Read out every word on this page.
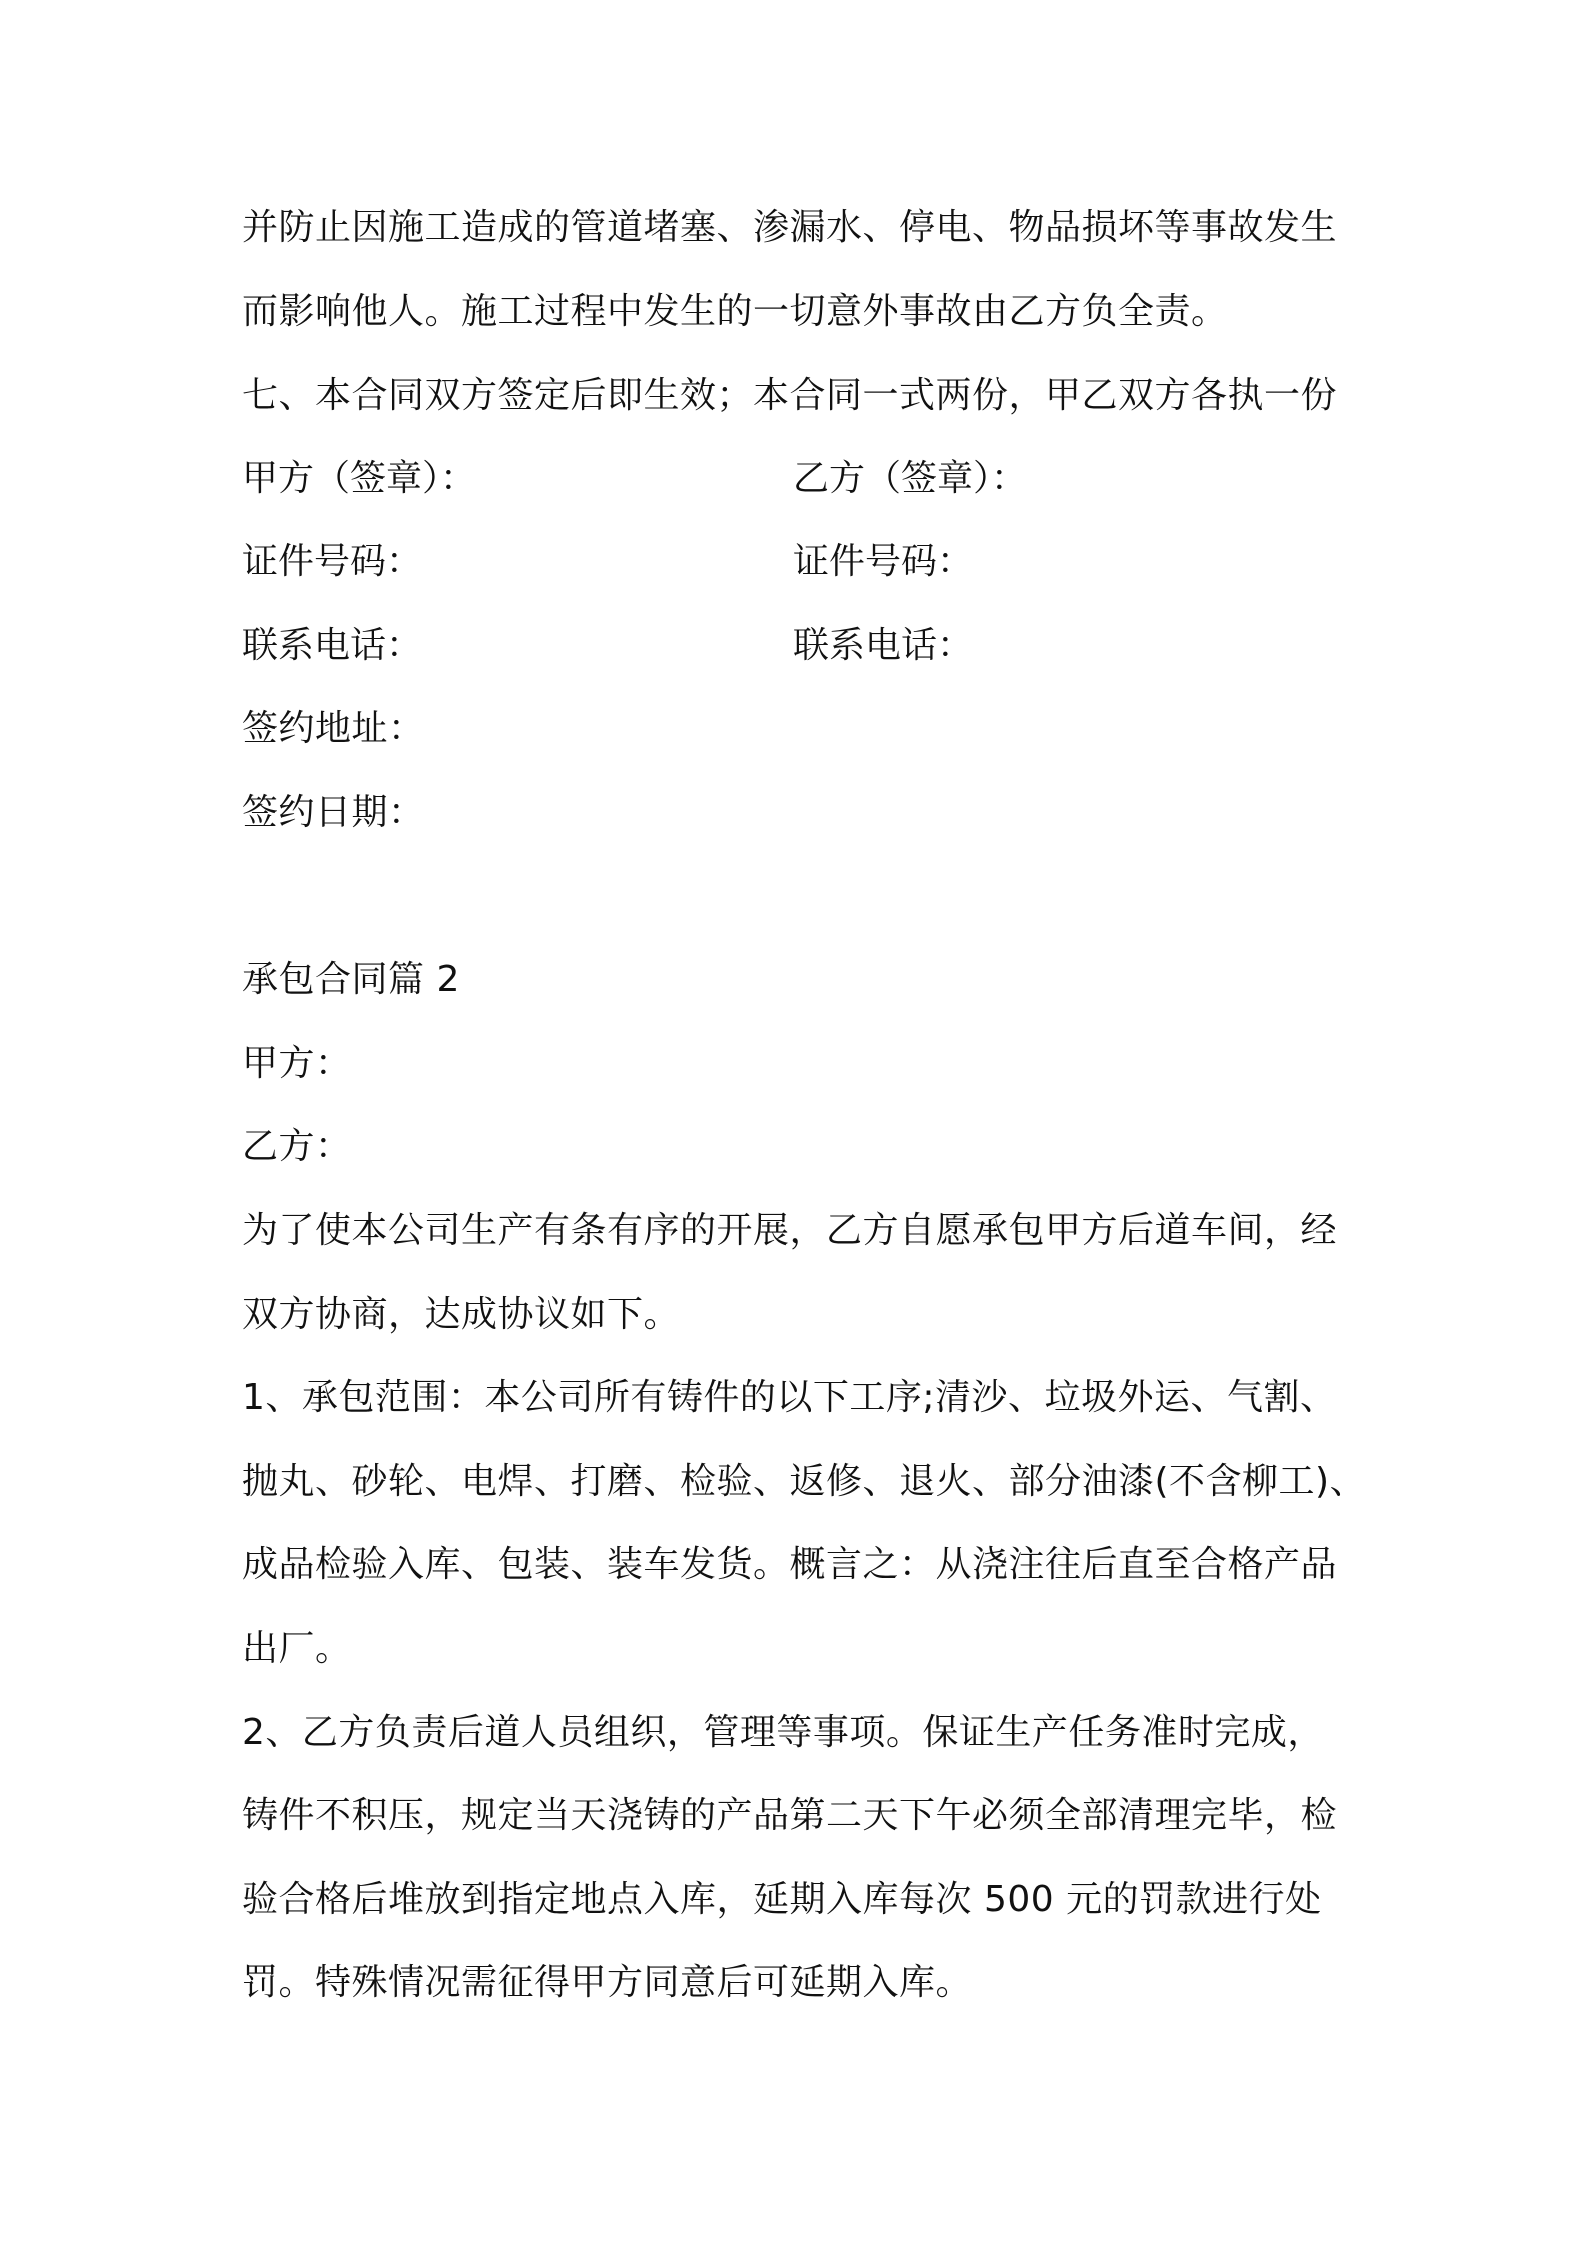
并防止因施工造成的管道堵塞、渗漏水、停电、物品损坏等事故发生
而影响他人。施工过程中发生的一切意外事故由乙方负全责。
七、本合同双方签定后即生效；本合同一式两份，甲乙双方各执一份
甲方（签章）：	乙方（签章）：
证件号码：	证件号码：
联系电话：	联系电话：
签约地址：
签约日期：
承包合同篇 2
甲方：
乙方：
为了使本公司生产有条有序的开展，乙方自愿承包甲方后道车间，经
双方协商，达成协议如下。
1、承包范围：本公司所有铸件的以下工序;清沙、垃圾外运、气割、
抛丸、砂轮、电焊、打磨、检验、返修、退火、部分油漆(不含柳工)、
成品检验入库、包装、装车发货。概言之：从浇注往后直至合格产品
出厂。
2、乙方负责后道人员组织，管理等事项。保证生产任务准时完成，
铸件不积压，规定当天浇铸的产品第二天下午必须全部清理完毕，检
验合格后堆放到指定地点入库，延期入库每次 500 元的罚款进行处
罚。特殊情况需征得甲方同意后可延期入库。
